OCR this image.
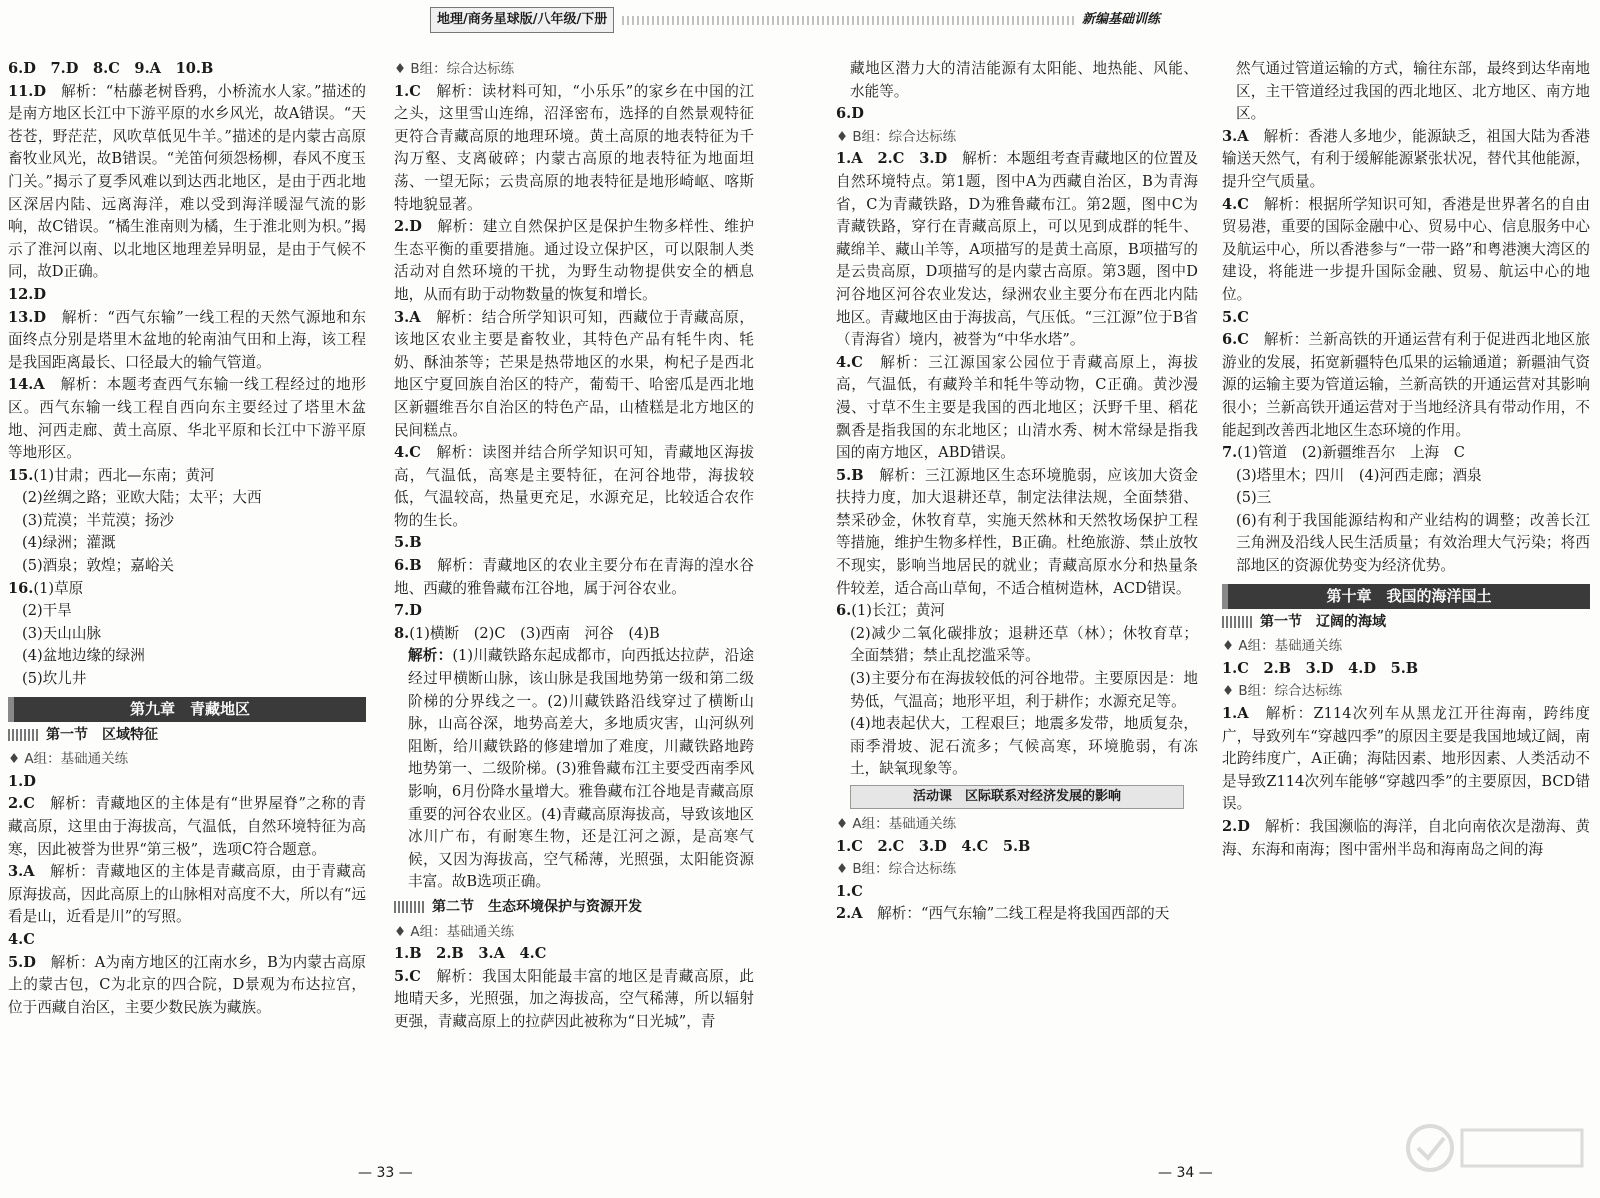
地理/商务星球版/八年级/下册	新编基础训练

6.D　7.D　8.C　9.A　10.B

11.D　解析：“枯藤老树昏鸦，小桥流水人家。”描述的是南方地区长江中下游平原的水乡风光，故A错误。“天苍苍，野茫茫，风吹草低见牛羊。”描述的是内蒙古高原畜牧业风光，故B错误。“羌笛何须怨杨柳，春风不度玉门关。”揭示了夏季风难以到达西北地区，是由于西北地区深居内陆、远离海洋，难以受到海洋暖湿气流的影响，故C错误。“橘生淮南则为橘，生于淮北则为枳。”揭示了淮河以南、以北地区地理差异明显，是由于气候不同，故D正确。

12.D

13.D　解析：“西气东输”一线工程的天然气源地和东面终点分别是塔里木盆地的轮南油气田和上海，该工程是我国距离最长、口径最大的输气管道。

14.A　解析：本题考查西气东输一线工程经过的地形区。西气东输一线工程自西向东主要经过了塔里木盆地、河西走廊、黄土高原、华北平原和长江中下游平原等地形区。

15.(1)甘肃；西北—东南；黄河

(2)丝绸之路；亚欧大陆；太平；大西

(3)荒漠；半荒漠；扬沙

(4)绿洲；灌溉

(5)酒泉；敦煌；嘉峪关

16.(1)草原

(2)干旱

(3)天山山脉

(4)盆地边缘的绿洲

(5)坎儿井

第九章　青藏地区
第一节　区域特征

♦ A组：基础通关练

1.D

2.C　解析：青藏地区的主体是有“世界屋脊”之称的青藏高原，这里由于海拔高，气温低，自然环境特征为高寒，因此被誉为世界“第三极”，选项C符合题意。

3.A　解析：青藏地区的主体是青藏高原，由于青藏高原海拔高，因此高原上的山脉相对高度不大，所以有“远看是山，近看是川”的写照。

4.C

5.D　解析：A为南方地区的江南水乡，B为内蒙古高原上的蒙古包，C为北京的四合院，D景观为布达拉宫，位于西藏自治区，主要少数民族为藏族。

♦ B组：综合达标练

1.C　解析：读材料可知，“小乐乐”的家乡在中国的江之头，这里雪山连绵，沼泽密布，选择的自然景观特征更符合青藏高原的地理环境。黄土高原的地表特征为千沟万壑、支离破碎；内蒙古高原的地表特征为地面坦荡、一望无际；云贵高原的地表特征是地形崎岖、喀斯特地貌显著。

2.D　解析：建立自然保护区是保护生物多样性、维护生态平衡的重要措施。通过设立保护区，可以限制人类活动对自然环境的干扰，为野生动物提供安全的栖息地，从而有助于动物数量的恢复和增长。

3.A　解析：结合所学知识可知，西藏位于青藏高原，该地区农业主要是畜牧业，其特色产品有牦牛肉、牦奶、酥油茶等；芒果是热带地区的水果，枸杞子是西北地区宁夏回族自治区的特产，葡萄干、哈密瓜是西北地区新疆维吾尔自治区的特色产品，山楂糕是北方地区的民间糕点。

4.C　解析：读图并结合所学知识可知，青藏地区海拔高，气温低，高寒是主要特征，在河谷地带，海拔较低，气温较高，热量更充足，水源充足，比较适合农作物的生长。

5.B

6.B　解析：青藏地区的农业主要分布在青海的湟水谷地、西藏的雅鲁藏布江谷地，属于河谷农业。

7.D

8.(1)横断　(2)C　(3)西南　河谷　(4)B

解析：(1)川藏铁路东起成都市，向西抵达拉萨，沿途经过甲横断山脉，该山脉是我国地势第一级和第二级阶梯的分界线之一。(2)川藏铁路沿线穿过了横断山脉，山高谷深，地势高差大，多地质灾害，山河纵列阻断，给川藏铁路的修建增加了难度，川藏铁路地跨地势第一、二级阶梯。(3)雅鲁藏布江主要受西南季风影响，6月份降水量增大。雅鲁藏布江谷地是青藏高原重要的河谷农业区。(4)青藏高原海拔高，导致该地区冰川广布，有耐寒生物，还是江河之源，是高寒气候，又因为海拔高，空气稀薄，光照强，太阳能资源丰富。故B选项正确。

第二节　生态环境保护与资源开发

♦ A组：基础通关练

1.B　2.B　3.A　4.C

5.C　解析：我国太阳能最丰富的地区是青藏高原，此地晴天多，光照强，加之海拔高，空气稀薄，所以辐射更强，青藏高原上的拉萨因此被称为“日光城”，青

藏地区潜力大的清洁能源有太阳能、地热能、风能、水能等。

6.D

♦ B组：综合达标练

1.A　2.C　3.D　解析：本题组考查青藏地区的位置及自然环境特点。第1题，图中A为西藏自治区，B为青海省，C为青藏铁路，D为雅鲁藏布江。第2题，图中C为青藏铁路，穿行在青藏高原上，可以见到成群的牦牛、藏绵羊、藏山羊等，A项描写的是黄土高原，B项描写的是云贵高原，D项描写的是内蒙古高原。第3题，图中D河谷地区河谷农业发达，绿洲农业主要分布在西北内陆地区。青藏地区由于海拔高，气压低。“三江源”位于B省（青海省）境内，被誉为“中华水塔”。

4.C　解析：三江源国家公园位于青藏高原上，海拔高，气温低，有藏羚羊和牦牛等动物，C正确。黄沙漫漫、寸草不生主要是我国的西北地区；沃野千里、稻花飘香是指我国的东北地区；山清水秀、树木常绿是指我国的南方地区，ABD错误。

5.B　解析：三江源地区生态环境脆弱，应该加大资金扶持力度，加大退耕还草，制定法律法规，全面禁猎、禁采砂金，休牧育草，实施天然林和天然牧场保护工程等措施，维护生物多样性，B正确。杜绝旅游、禁止放牧不现实，影响当地居民的就业；青藏高原水分和热量条件较差，适合高山草甸，不适合植树造林，ACD错误。

6.(1)长江；黄河

(2)减少二氧化碳排放；退耕还草（林）；休牧育草；全面禁猎；禁止乱挖滥采等。

(3)主要分布在海拔较低的河谷地带。主要原因是：地势低，气温高；地形平坦，利于耕作；水源充足等。

(4)地表起伏大，工程艰巨；地震多发带，地质复杂，雨季滑坡、泥石流多；气候高寒，环境脆弱，有冻土，缺氧现象等。

活动课　区际联系对经济发展的影响

♦ A组：基础通关练

1.C　2.C　3.D　4.C　5.B

♦ B组：综合达标练

1.C

2.A　解析：“西气东输”二线工程是将我国西部的天

然气通过管道运输的方式，输往东部，最终到达华南地区，主干管道经过我国的西北地区、北方地区、南方地区。

3.A　解析：香港人多地少，能源缺乏，祖国大陆为香港输送天然气，有利于缓解能源紧张状况，替代其他能源，提升空气质量。

4.C　解析：根据所学知识可知，香港是世界著名的自由贸易港，重要的国际金融中心、贸易中心、信息服务中心及航运中心，所以香港参与“一带一路”和粤港澳大湾区的建设，将能进一步提升国际金融、贸易、航运中心的地位。

5.C

6.C　解析：兰新高铁的开通运营有利于促进西北地区旅游业的发展，拓宽新疆特色瓜果的运输通道；新疆油气资源的运输主要为管道运输，兰新高铁的开通运营对其影响很小；兰新高铁开通运营对于当地经济具有带动作用，不能起到改善西北地区生态环境的作用。

7.(1)管道　(2)新疆维吾尔　上海　C

(3)塔里木；四川　(4)河西走廊；酒泉

(5)三

(6)有利于我国能源结构和产业结构的调整；改善长江三角洲及沿线人民生活质量；有效治理大气污染；将西部地区的资源优势变为经济优势。

第十章　我国的海洋国土
第一节　辽阔的海域

♦ A组：基础通关练

1.C　2.B　3.D　4.D　5.B

♦ B组：综合达标练

1.A　解析：Z114次列车从黑龙江开往海南，跨纬度广，导致列车“穿越四季”的原因主要是我国地域辽阔，南北跨纬度广，A正确；海陆因素、地形因素、人类活动不是导致Z114次列车能够“穿越四季”的主要原因，BCD错误。

2.D　解析：我国濒临的海洋，自北向南依次是渤海、黄海、东海和南海；图中雷州半岛和海南岛之间的海

— 33 —	— 34 —
